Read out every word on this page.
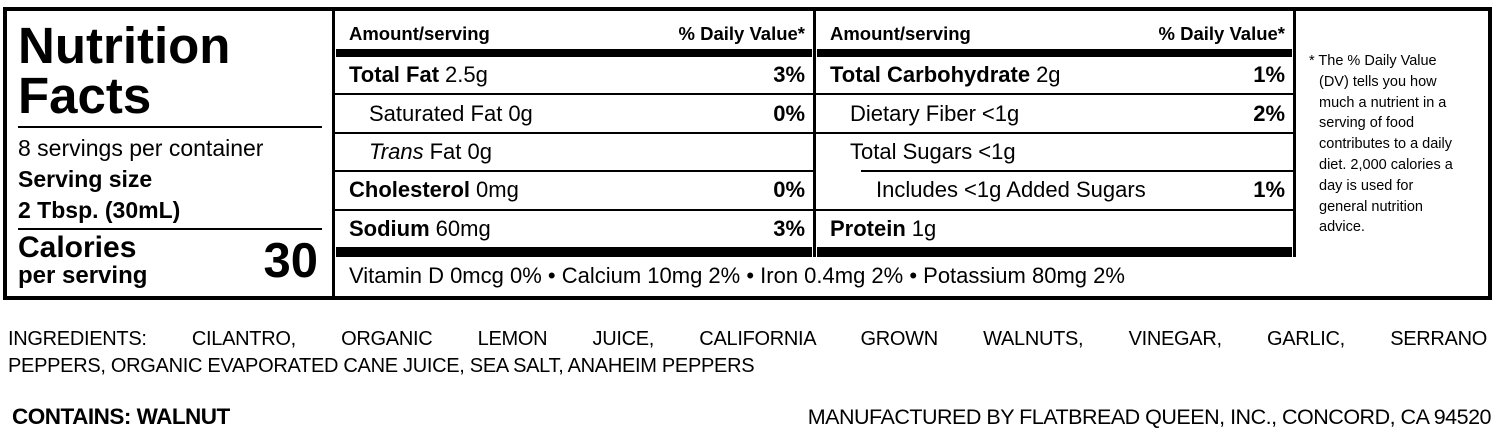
Nutrition
Facts
8 servings per container
Serving size
2 Tbsp. (30mL)
Calories
per serving 30
Amount/serving	% Daily Value*
Total Fat 2.5g	3%
Saturated Fat 0g	0%
Trans Fat 0g
Cholesterol 0mg	0%
Sodium 60mg	3%
Amount/serving	% Daily Value*
Total Carbohydrate 2g	1%
Dietary Fiber <1g	2%
Total Sugars <1g
Includes <1g Added Sugars	1%
Protein 1g
Vitamin D 0mcg 0% • Calcium 10mg 2% • Iron 0.4mg 2% • Potassium 80mg 2%
* The % Daily Value (DV) tells you how much a nutrient in a serving of food contributes to a daily diet. 2,000 calories a day is used for general nutrition advice.
INGREDIENTS: CILANTRO, ORGANIC LEMON JUICE, CALIFORNIA GROWN WALNUTS, VINEGAR, GARLIC, SERRANO
PEPPERS, ORGANIC EVAPORATED CANE JUICE, SEA SALT, ANAHEIM PEPPERS
CONTAINS: WALNUT	MANUFACTURED BY FLATBREAD QUEEN, INC., CONCORD, CA 94520
